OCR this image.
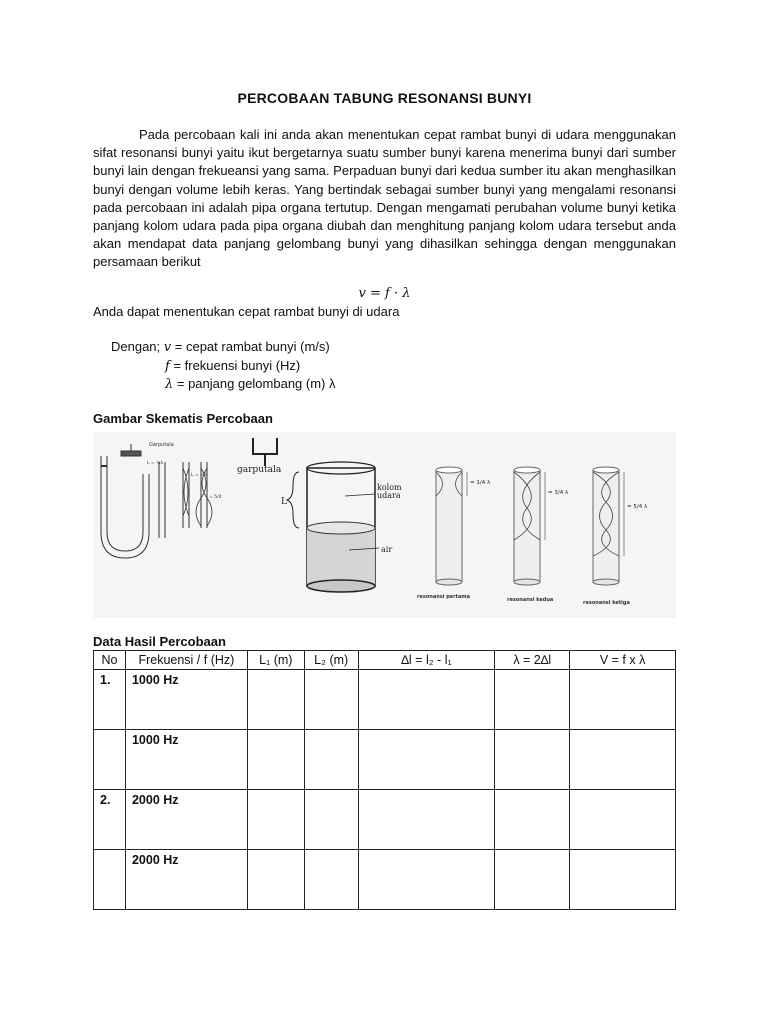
PERCOBAAN TABUNG RESONANSI BUNYI

Pada percobaan kali ini anda akan menentukan cepat rambat bunyi di udara menggunakan sifat resonansi bunyi yaitu ikut bergetarnya suatu sumber bunyi karena menerima bunyi dari sumber bunyi lain dengan frekueansi yang sama. Perpaduan bunyi dari kedua sumber itu akan menghasilkan bunyi dengan volume lebih keras. Yang bertindak sebagai sumber bunyi yang mengalami resonansi pada percobaan ini adalah pipa organa tertutup. Dengan mengamati perubahan volume bunyi ketika panjang kolom udara pada pipa organa diubah dan menghitung panjang kolom udara tersebut anda akan mendapat data panjang gelombang bunyi yang dihasilkan sehingga dengan menggunakan persamaan berikut

v = f · λ
Anda dapat menentukan cepat rambat bunyi di udara
Dengan; v = cepat rambat bunyi (m/s)
f = frekuensi bunyi (Hz)
λ = panjang gelombang (m) λ
Gambar Skematis Percobaan
Garputala
L = ¼λ
L = ¾λ
= 5/4
garputala
L
kolom
udara
air
= 1/4 λ
= 3/4 λ
= 5/4 λ
resonansi pertama	resonansi kedua	resonansi ketiga
Data Hasil Percobaan
No	Frekuensi / f (Hz)	L₁ (m)	L₂ (m)	∆l = l₂ - l₁	λ = 2∆l	V = f x λ
1.	1000 Hz					
	1000 Hz					
2.	2000 Hz					
	2000 Hz					
